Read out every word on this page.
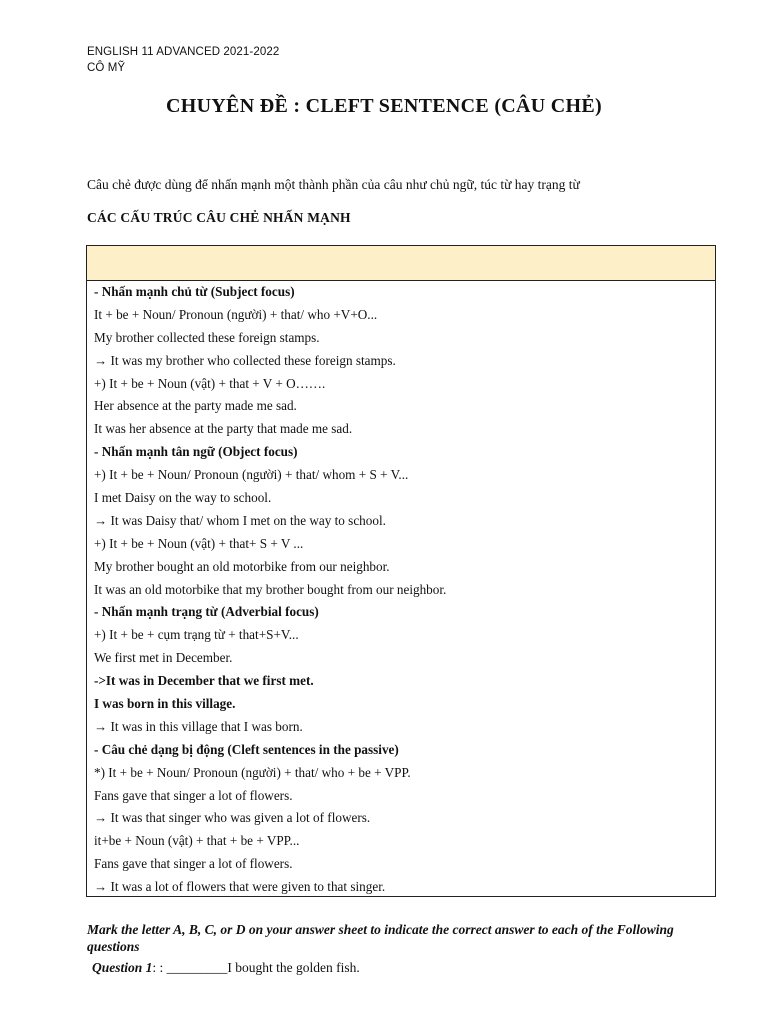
ENGLISH 11 ADVANCED 2021-2022
CÔ MỸ
CHUYÊN ĐỀ : CLEFT SENTENCE (CÂU CHẺ)
Câu chẻ được dùng để nhấn mạnh một thành phần của câu như chủ ngữ, túc từ hay trạng từ
CÁC CẤU TRÚC CÂU CHẺ NHẤN MẠNH
- Nhấn mạnh chủ từ (Subject focus)
It + be + Noun/ Pronoun (người) + that/ who +V+O...
My brother collected these foreign stamps.
→ It was my brother who collected these foreign stamps.
+) It + be + Noun (vật) + that + V + O…….
Her absence at the party made me sad.
It was her absence at the party that made me sad.
- Nhấn mạnh tân ngữ (Object focus)
+) It + be + Noun/ Pronoun (người) + that/ whom + S + V...
I met Daisy on the way to school.
→ It was Daisy that/ whom I met on the way to school.
+) It + be + Noun (vật) + that+ S + V ...
My brother bought an old motorbike from our neighbor.
It was an old motorbike that my brother bought from our neighbor.
- Nhấn mạnh trạng từ (Adverbial focus)
+) It + be + cụm trạng từ + that+S+V...
We first met in December.
->It was in December that we first met.
I was born in this village.
→ It was in this village that I was born.
- Câu chẻ dạng bị động (Cleft sentences in the passive)
*) It + be + Noun/ Pronoun (người) + that/ who + be + VPP.
Fans gave that singer a lot of flowers.
→ It was that singer who was given a lot of flowers.
it+be + Noun (vật) + that + be + VPP...
Fans gave that singer a lot of flowers.
→ It was a lot of flowers that were given to that singer.
Mark the letter A, B, C, or D on your answer sheet to indicate the correct answer to each of the Following questions
Question 1: : _________I bought the golden fish.
